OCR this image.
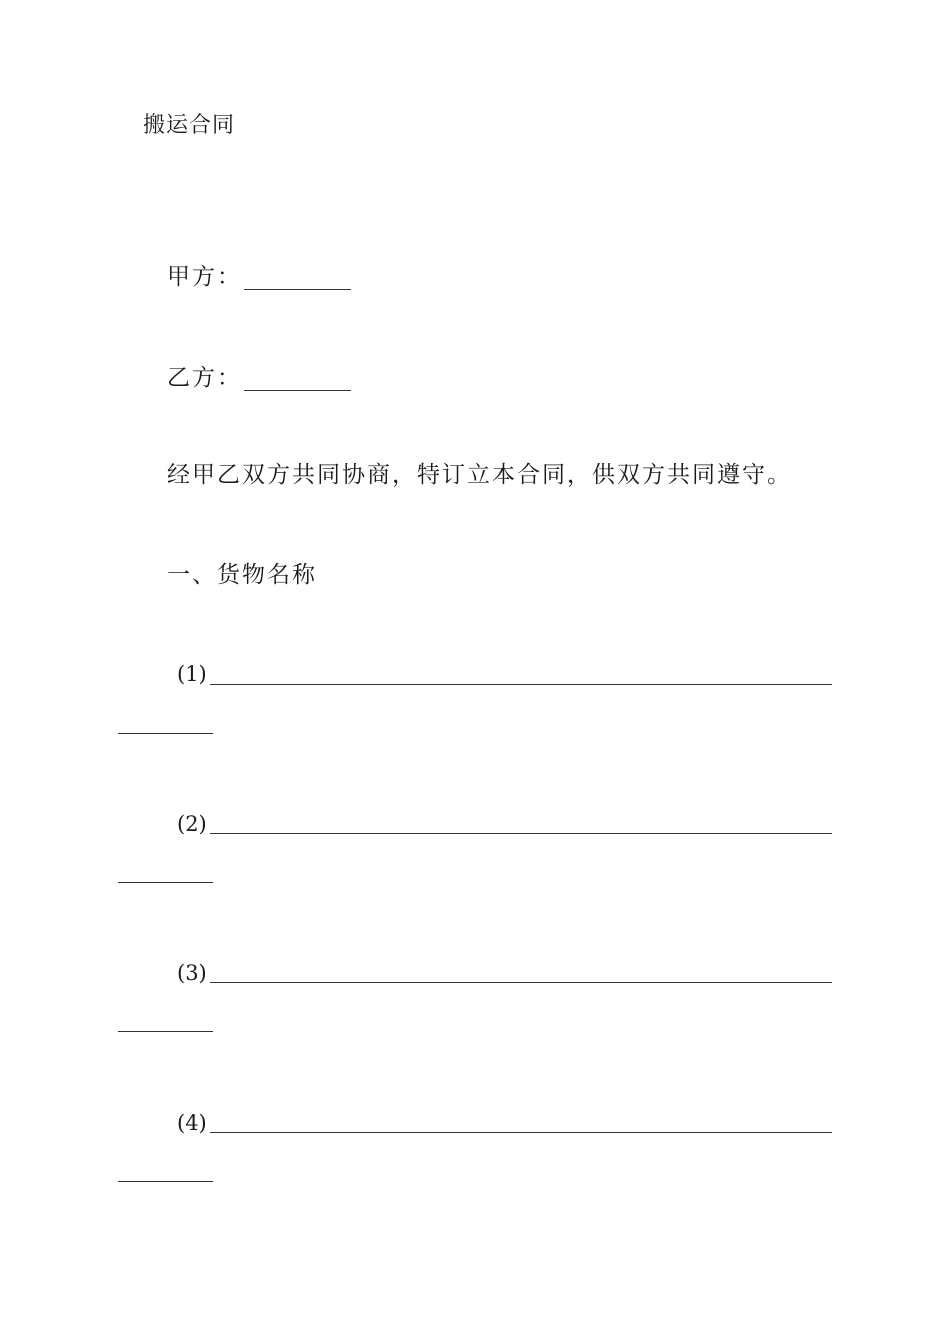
搬运合同
甲方：
乙方：
经甲乙双方共同协商，特订立本合同，供双方共同遵守。
一、货物名称
(1)
(2)
(3)
(4)
